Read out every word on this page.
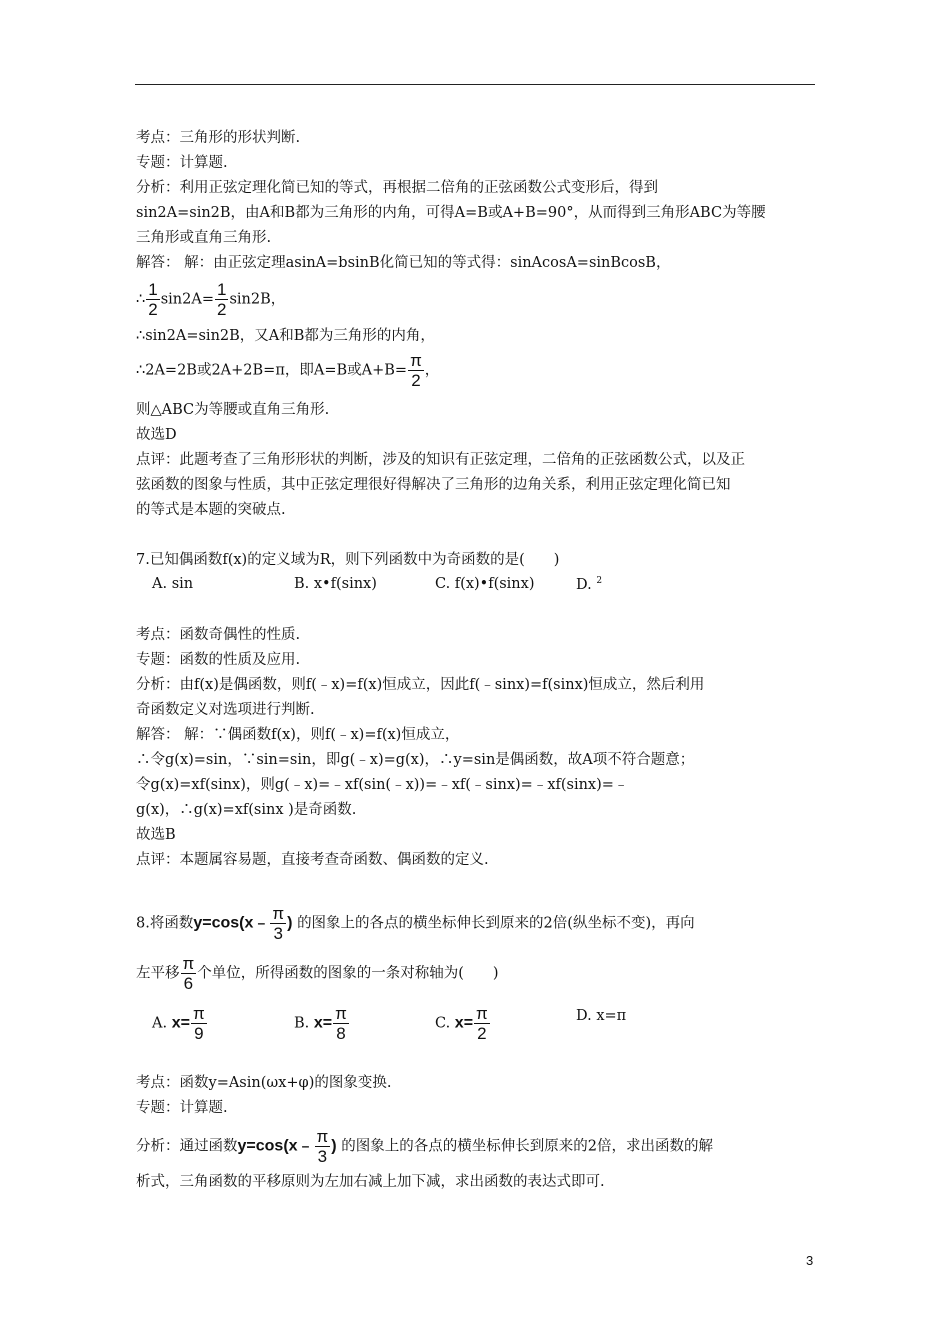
考点：三角形的形状判断.
专题：计算题.
分析：利用正弦定理化简已知的等式，再根据二倍角的正弦函数公式变形后，得到
sin2A=sin2B，由A和B都为三角形的内角，可得A=B或A+B=90°，从而得到三角形ABC为等腰
三角形或直角三角形.
解答： 解：由正弦定理asinA=bsinB化简已知的等式得：sinAcosA=sinBcosB，
∴ $\frac{1}{2} \sin 2A= \frac{1}{2} \sin 2B$，
∴sin2A=sin2B，又A和B都为三角形的内角，
∴2A=2B或2A+2B=π，即A=B或$A+B= \frac{\pi}{2}$ ，
则△ABC为等腰或直角三角形.
故选D
点评：此题考查了三角形形状的判断，涉及的知识有正弦定理，二倍角的正弦函数公式，以及正
弦函数的图象与性质，其中正弦定理很好得解决了三角形的边角关系，利用正弦定理化简已知
的等式是本题的突破点.
7.已知偶函数f(x)的定义域为R，则下列函数中为奇函数的是(　　)
A. sin	B. x•f(sinx)	C. f(x)•f(sinx)	D. $^2$
考点：函数奇偶性的性质.
专题：函数的性质及应用.
分析：由f(x)是偶函数，则f(﹣x)=f(x)恒成立，因此f(﹣sinx)=f(sinx)恒成立，然后利用
奇函数定义对选项进行判断.
解答： 解：∵偶函数f(x)，则f(﹣x)=f(x)恒成立，
∴令g(x)=sin，∵sin=sin，即g(﹣x)=g(x)，∴y=sin是偶函数，故A项不符合题意；
令g(x)=xf(sinx)，则g(﹣x)=﹣xf(sin(﹣x))=﹣xf(﹣sinx)=﹣xf(sinx)=﹣
g(x)，∴g(x)=xf(sinx )是奇函数.
故选B
点评：本题属容易题，直接考查奇函数、偶函数的定义.
8.将函数y=cos(x﹣ $\frac{\pi}{3}$ ) 的图象上的各点的横坐标伸长到原来的2倍(纵坐标不变)，再向
左平移 $\frac{\pi}{6}$ 个单位，所得函数的图象的一条对称轴为(　　)
A. $x= \frac{\pi}{9}$	B. $x= \frac{\pi}{8}$	C. $x= \frac{\pi}{2}$	D. x=π
考点：函数y=Asin(ωx+φ)的图象变换.
专题：计算题.
分析：通过函数y=cos(x﹣ $\frac{\pi}{3}$ ) 的图象上的各点的横坐标伸长到原来的2倍，求出函数的解
析式，三角函数的平移原则为左加右减上加下减，求出函数的表达式即可.
3
